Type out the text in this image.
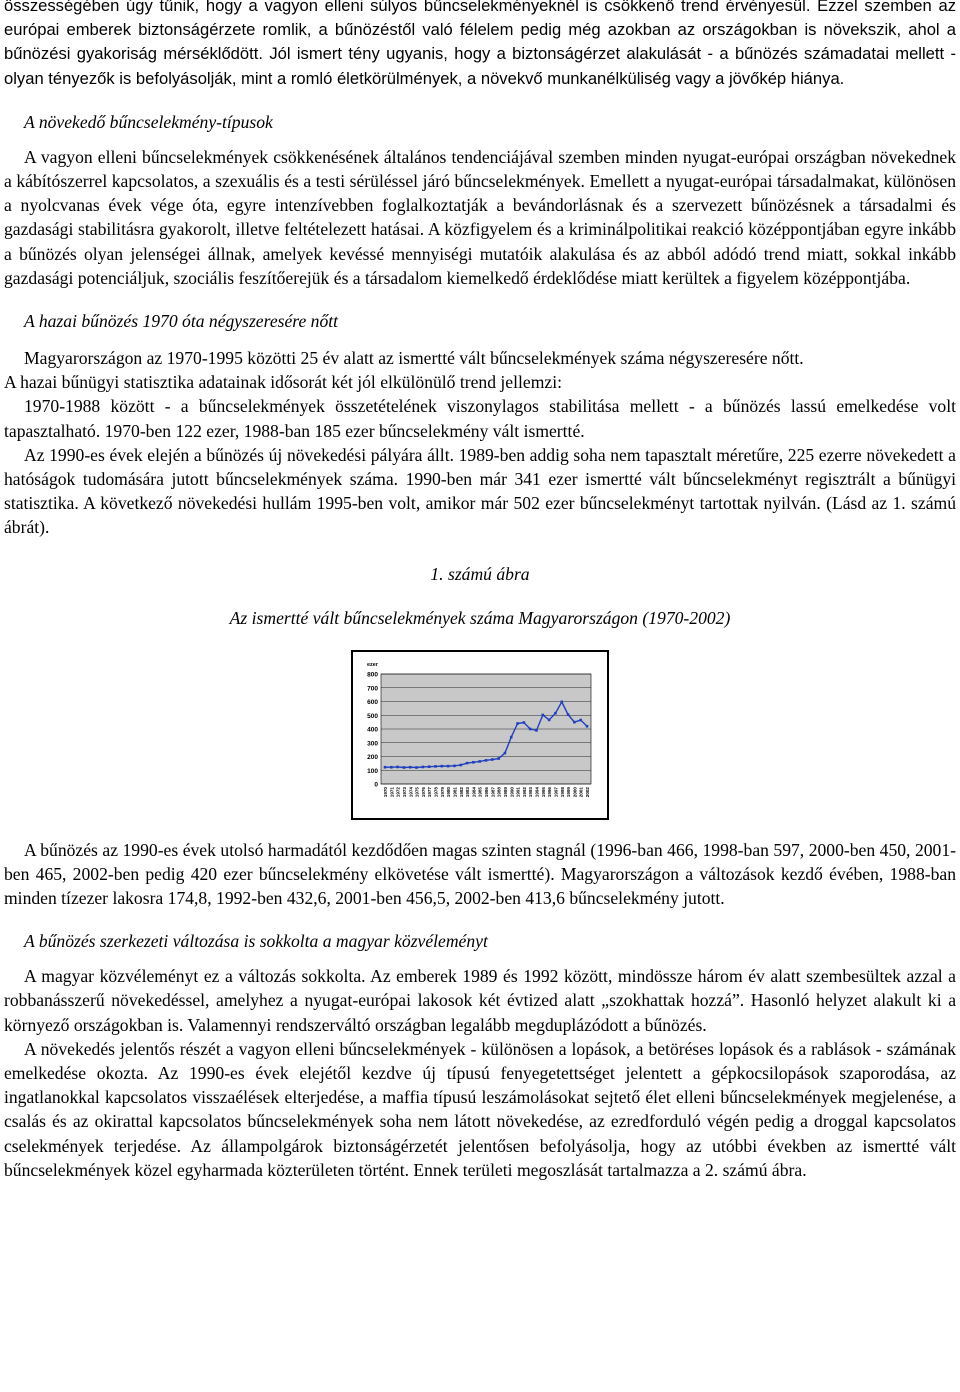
összességében úgy tűnik, hogy a vagyon elleni súlyos bűncselekményeknél is csökkenő trend érvényesül. Ezzel szemben az európai emberek biztonságérzete romlik, a bűnözéstől való félelem pedig még azokban az országokban is növekszik, ahol a bűnözési gyakoriság mérséklődött. Jól ismert tény ugyanis, hogy a biztonságérzet alakulását - a bűnözés számadatai mellett - olyan tényezők is befolyásolják, mint a romló életkörülmények, a növekvő munkanélküliség vagy a jövőkép hiánya.

A növekedő bűncselekmény-típusok

A vagyon elleni bűncselekmények csökkenésének általános tendenciájával szemben minden nyugat-európai országban növekednek a kábítószerrel kapcsolatos, a szexuális és a testi sérüléssel járó bűncselekmények. Emellett a nyugat-európai társadalmakat, különösen a nyolcvanas évek vége óta, egyre intenzívebben foglalkoztatják a bevándorlásnak és a szervezett bűnözésnek a társadalmi és gazdasági stabilitásra gyakorolt, illetve feltételezett hatásai. A közfigyelem és a kriminálpolitikai reakció középpontjában egyre inkább a bűnözés olyan jelenségei állnak, amelyek kevéssé mennyiségi mutatóik alakulása és az abból adódó trend miatt, sokkal inkább gazdasági potenciáljuk, szociális feszítőerejük és a társadalom kiemelkedő érdeklődése miatt kerültek a figyelem középpontjába.

A hazai bűnözés 1970 óta négyszeresére nőtt

Magyarországon az 1970-1995 közötti 25 év alatt az ismertté vált bűncselekmények száma négyszeresére nőtt.

A hazai bűnügyi statisztika adatainak idősorát két jól elkülönülő trend jellemzi:

1970-1988 között - a bűncselekmények összetételének viszonylagos stabilitása mellett - a bűnözés lassú emelkedése volt tapasztalható. 1970-ben 122 ezer, 1988-ban 185 ezer bűncselekmény vált ismertté.

Az 1990-es évek elején a bűnözés új növekedési pályára állt. 1989-ben addig soha nem tapasztalt méretűre, 225 ezerre növekedett a hatóságok tudomására jutott bűncselekmények száma. 1990-ben már 341 ezer ismertté vált bűncselekményt regisztrált a bűnügyi statisztika. A következő növekedési hullám 1995-ben volt, amikor már 502 ezer bűncselekményt tartottak nyilván. (Lásd az 1. számú ábrát).

1. számú ábra

Az ismertté vált bűncselekmények száma Magyarországon (1970-2002)

0
100
200
300
400
500
600
700
800
ezer
1970 1971 1972 1973 1974 1975 1976 1977 1978 1979 1980 1981 1982 1983 1984 1985 1986 1987 1988 1989 1990 1991 1992 1993 1994 1995 1996 1997 1998 1999 2000 2001 2002

A bűnözés az 1990-es évek utolsó harmadától kezdődően magas szinten stagnál (1996-ban 466, 1998-ban 597, 2000-ben 450, 2001-ben 465, 2002-ben pedig 420 ezer bűncselekmény elkövetése vált ismertté). Magyarországon a változások kezdő évében, 1988-ban minden tízezer lakosra 174,8, 1992-ben 432,6, 2001-ben 456,5, 2002-ben 413,6 bűncselekmény jutott.

A bűnözés szerkezeti változása is sokkolta a magyar közvéleményt

A magyar közvéleményt ez a változás sokkolta. Az emberek 1989 és 1992 között, mindössze három év alatt szembesültek azzal a robbanásszerű növekedéssel, amelyhez a nyugat-európai lakosok két évtized alatt „szokhattak hozzá”. Hasonló helyzet alakult ki a környező országokban is. Valamennyi rendszerváltó országban legalább megduplázódott a bűnözés.

A növekedés jelentős részét a vagyon elleni bűncselekmények - különösen a lopások, a betöréses lopások és a rablások - számának emelkedése okozta. Az 1990-es évek elejétől kezdve új típusú fenyegetettséget jelentett a gépkocsilopások szaporodása, az ingatlanokkal kapcsolatos visszaélések elterjedése, a maffia típusú leszámolásokat sejtető élet elleni bűncselekmények megjelenése, a csalás és az okirattal kapcsolatos bűncselekmények soha nem látott növekedése, az ezredforduló végén pedig a droggal kapcsolatos cselekmények terjedése. Az állampolgárok biztonságérzetét jelentősen befolyásolja, hogy az utóbbi években az ismertté vált bűncselekmények közel egyharmada közterületen történt. Ennek területi megoszlását tartalmazza a 2. számú ábra.
